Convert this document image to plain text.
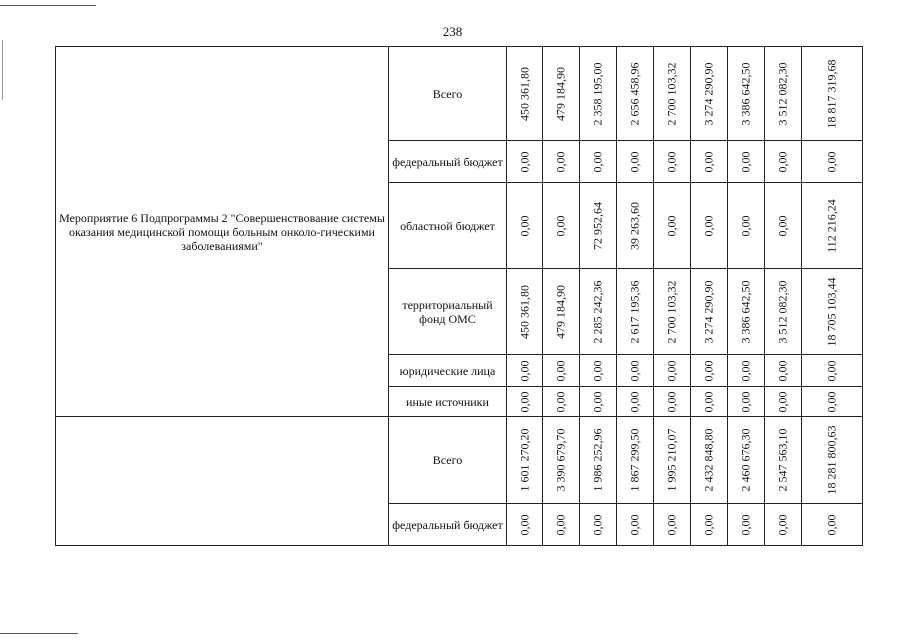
238
Мероприятие 6 Подпрограммы 2 "Совершенствование системы оказания медицинской помощи больным онколо-гическими заболеваниями"	Всего	450 361,80	479 184,90	2 358 195,00	2 656 458,96	2 700 103,32	3 274 290,90	3 386 642,50	3 512 082,30	18 817 319,68

	федеральный бюджет	0,00	0,00	0,00	0,00	0,00	0,00	0,00	0,00	0,00

	областной бюджет	0,00	0,00	72 952,64	39 263,60	0,00	0,00	0,00	0,00	112 216,24

	территориальный фонд ОМС	450 361,80	479 184,90	2 285 242,36	2 617 195,36	2 700 103,32	3 274 290,90	3 386 642,50	3 512 082,30	18 705 103,44

	юридические лица	0,00	0,00	0,00	0,00	0,00	0,00	0,00	0,00	0,00

	иные источники	0,00	0,00	0,00	0,00	0,00	0,00	0,00	0,00	0,00

	Всего	1 601 270,20	3 390 679,70	1 986 252,96	1 867 299,50	1 995 210,07	2 432 848,80	2 460 676,30	2 547 563,10	18 281 800,63

	федеральный бюджет	0,00	0,00	0,00	0,00	0,00	0,00	0,00	0,00	0,00
